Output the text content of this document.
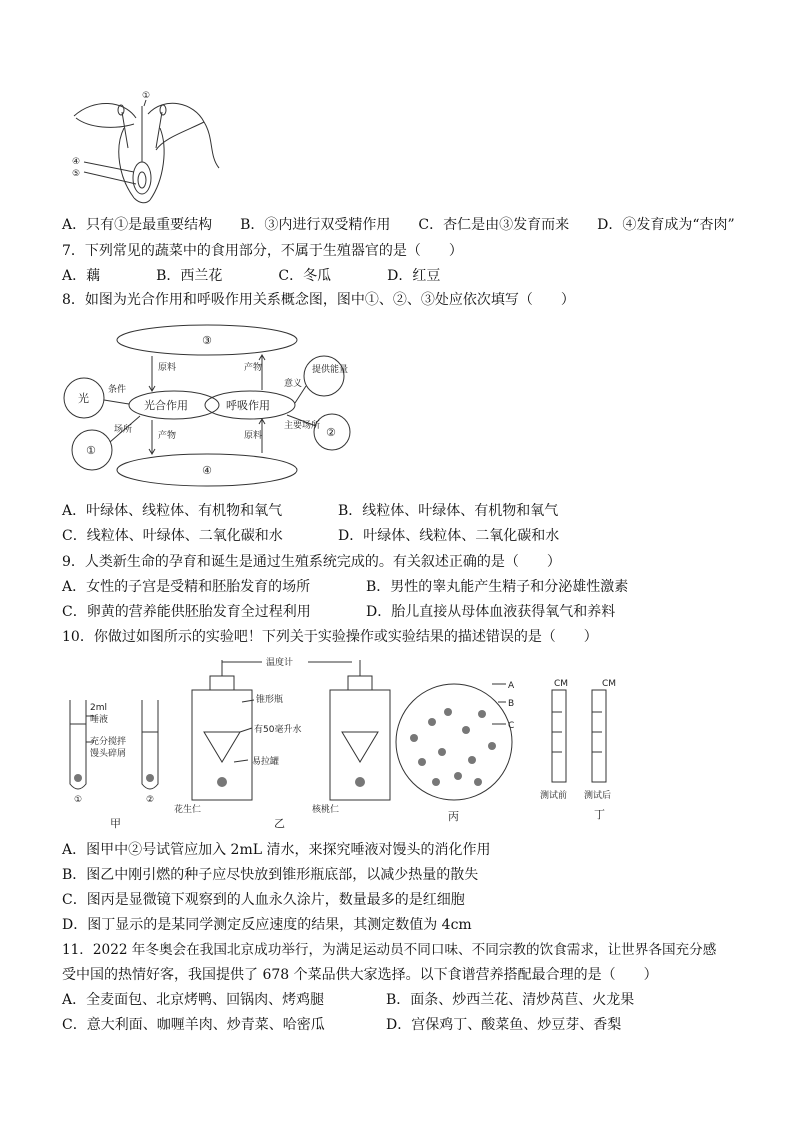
①
④
⑤
A．只有①是最重要结构　　B．③内进行双受精作用　　C．杏仁是由③发育而来　　D．④发育成为“杏肉”
7．下列常见的蔬菜中的食用部分，不属于生殖器官的是（　　）
A．藕　　　　B．西兰花　　　　C．冬瓜　　　　D．红豆
8．如图为光合作用和呼吸作用关系概念图，图中①、②、③处应依次填写（　　）
③
④
光合作用	呼吸作用
光
①
②
提供能量
原料	产物
产物	原料
条件
场所
意义
主要场所
A．叶绿体、线粒体、有机物和氧气	B．线粒体、叶绿体、有机物和氧气
C．线粒体、叶绿体、二氧化碳和水	D．叶绿体、线粒体、二氧化碳和水
9．人类新生命的孕育和诞生是通过生殖系统完成的。有关叙述正确的是（　　）
A．女性的子宫是受精和胚胎发育的场所	B．男性的睾丸能产生精子和分泌雄性激素
C．卵黄的营养能供胚胎发育全过程利用	D．胎儿直接从母体血液获得氧气和养料
10．你做过如图所示的实验吧！下列关于实验操作或实验结果的描述错误的是（　　）
温度计
2ml
唾液
充分搅拌
馒头碎屑
①	②
甲
锥形瓶
有50毫升水
易拉罐
花生仁	核桃仁
乙
A
B
C
丙
CM	CM
测试前 测试后
丁
A．图甲中②号试管应加入 2mL 清水，来探究唾液对馒头的消化作用
B．图乙中刚引燃的种子应尽快放到锥形瓶底部，以减少热量的散失
C．图丙是显微镜下观察到的人血永久涂片，数量最多的是红细胞
D．图丁显示的是某同学测定反应速度的结果，其测定数值为 4cm
11．2022 年冬奥会在我国北京成功举行，为满足运动员不同口味、不同宗教的饮食需求，让世界各国充分感
受中国的热情好客，我国提供了 678 个菜品供大家选择。以下食谱营养搭配最合理的是（　　）
A．全麦面包、北京烤鸭、回锅肉、烤鸡腿	B．面条、炒西兰花、清炒莴苣、火龙果
C．意大利面、咖喱羊肉、炒青菜、哈密瓜	D．宫保鸡丁、酸菜鱼、炒豆芽、香梨
